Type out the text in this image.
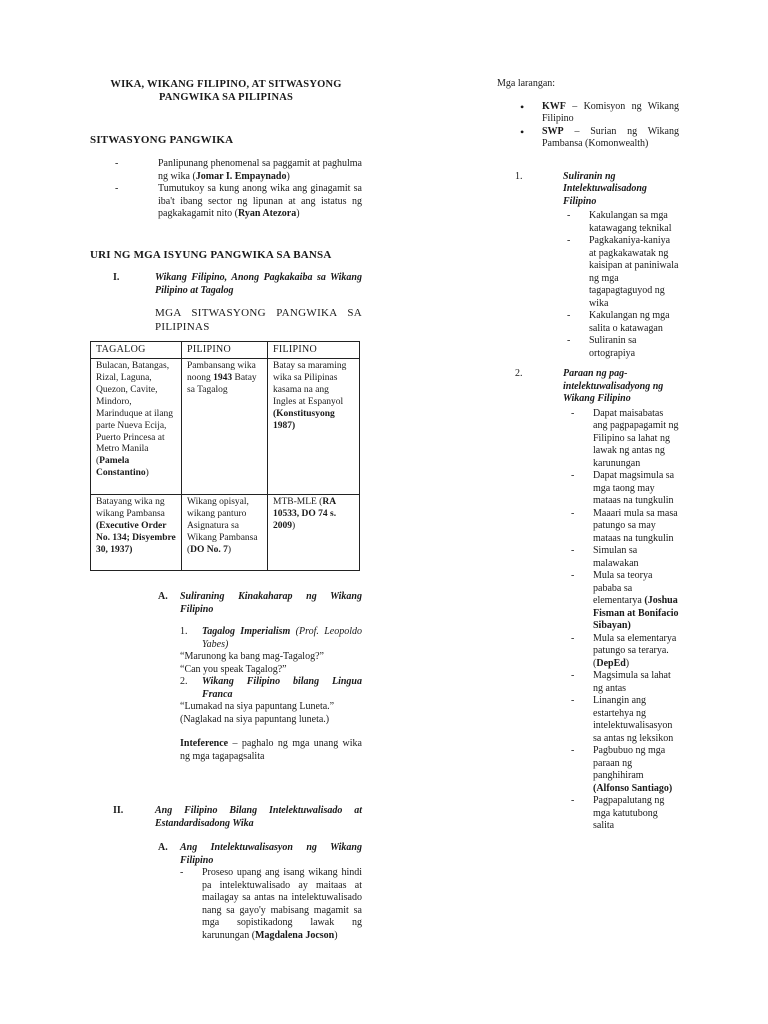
WIKA, WIKANG FILIPINO, AT SITWASYONG PANGWIKA SA PILIPINAS
SITWASYONG PANGWIKA
- Panlipunang phenomenal sa paggamit at paghulma ng wika (Jomar I. Empaynado)
- Tumutukoy sa kung anong wika ang ginagamit sa iba't ibang sector ng lipunan at ang istatus ng pagkakagamit nito (Ryan Atezora)
URI NG MGA ISYUNG PANGWIKA SA BANSA
I.	Wikang Filipino, Anong Pagkakaiba sa Wikang Pilipino at Tagalog
MGA SITWASYONG PANGWIKA SA PILIPINAS
TAGALOG	PILIPINO	FILIPINO
Bulacan, Batangas, Rizal, Laguna, Quezon, Cavite, Mindoro, Marinduque at ilang parte Nueva Ecija, Puerto Princesa at Metro Manila (Pamela Constantino)	Pambansang wika noong 1943 Batay sa Tagalog	Batay sa maraming wika sa Pilipinas kasama na ang Ingles at Espanyol (Konstitusyong 1987)
Batayang wika ng wikang Pambansa (Executive Order No. 134; Disyembre 30, 1937)	Wikang opisyal, wikang panturo Asignatura sa Wikang Pambansa (DO No. 7)	MTB-MLE (RA 10533, DO 74 s. 2009)
A.	Suliraning Kinakaharap ng Wikang Filipino
1.	Tagalog Imperialism (Prof. Leopoldo Yabes)
“Marunong ka bang mag-Tagalog?”
“Can you speak Tagalog?”
2.	Wikang Filipino bilang Lingua Franca
“Lumakad na siya papuntang Luneta.”
(Naglakad na siya papuntang luneta.)
Inteference – paghalo ng mga unang wika ng mga tagapagsalita
II.	Ang Filipino Bilang Intelektuwalisado at Estandardisadong Wika
A.	Ang Intelektuwalisasyon ng Wikang Filipino
-	Proseso upang ang isang wikang hindi pa intelektuwalisado ay maitaas at mailagay sa antas na intelektuwalisado nang sa gayo'y mabisang magamit sa mga sopistikadong lawak ng karunungan (Magdalena Jocson)
Mga larangan:
• KWF – Komisyon ng Wikang Filipino
• SWP – Surian ng Wikang Pambansa (Komonwealth)
1.	Suliranin ng Intelektuwalisadong Filipino
- Kakulangan sa mga katawagang teknikal
- Pagkakaniya-kaniya at pagkakawatak ng kaisipan at paniniwala ng mga tagapagtaguyod ng wika
- Kakulangan ng mga salita o katawagan
- Suliranin sa ortograpiya
2.	Paraan ng pag-intelektuwalisadyong ng Wikang Filipino
- Dapat maisabatas ang pagpapagamit ng Filipino sa lahat ng lawak ng antas ng karunungan
- Dapat magsimula sa mga taong may mataas na tungkulin
- Maaari mula sa masa patungo sa may mataas na tungkulin
- Simulan sa malawakan
- Mula sa teorya pababa sa elementarya (Joshua Fisman at Bonifacio Sibayan)
- Mula sa elementarya patungo sa terarya. (DepEd)
- Magsimula sa lahat ng antas
- Linangin ang estartehya ng intelektuwalisasyon sa antas ng leksikon
- Pagbubuo ng mga paraan ng panghihiram (Alfonso Santiago)
- Pagpapalutang ng mga katutubong salita
